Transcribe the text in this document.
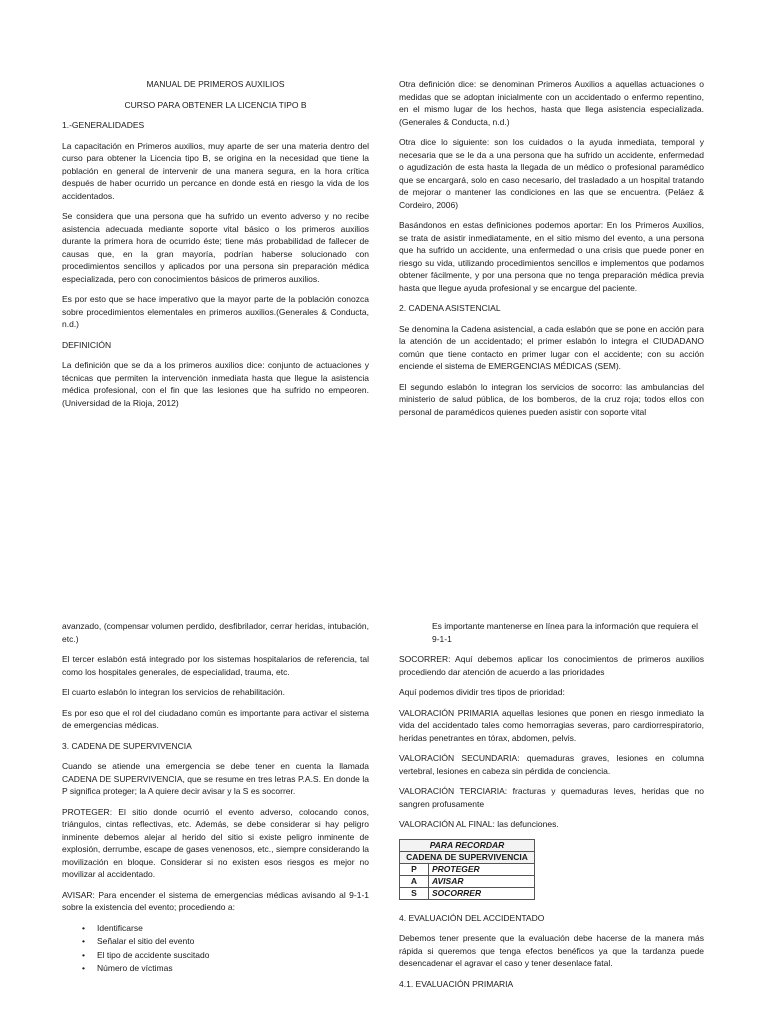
MANUAL DE PRIMEROS AUXILIOS

CURSO PARA OBTENER LA LICENCIA TIPO B

1.-GENERALIDADES

La capacitación en Primeros auxilios, muy aparte de ser una materia dentro del curso para obtener la Licencia tipo B, se origina en la necesidad que tiene la población en general de intervenir de una manera segura, en la hora crítica después de haber ocurrido un percance en donde está en riesgo la vida de los accidentados.

Se considera que una persona que ha sufrido un evento adverso y no recibe asistencia adecuada mediante soporte vital básico o los primeros auxilios durante la primera hora de ocurrido éste; tiene más probabilidad de fallecer de causas que, en la gran mayoría, podrían haberse solucionado con procedimientos sencillos y aplicados por una persona sin preparación médica especializada, pero con conocimientos básicos de primeros auxilios.

Es por esto que se hace imperativo que la mayor parte de la población conozca sobre procedimientos elementales en primeros auxilios.(Generales & Conducta, n.d.)

DEFINICIÓN

La definición que se da a los primeros auxilios dice: conjunto de actuaciones y técnicas que permiten la intervención inmediata hasta que llegue la asistencia médica profesional, con el fin que las lesiones que ha sufrido no empeoren.(Universidad de la Rioja, 2012)

Otra definición dice: se denominan Primeros Auxilios a aquellas actuaciones o medidas que se adoptan inicialmente con un accidentado o enfermo repentino, en el mismo lugar de los hechos, hasta que llega asistencia especializada.(Generales & Conducta, n.d.)

Otra dice lo siguiente: son los cuidados o la ayuda inmediata, temporal y necesaria que se le da a una persona que ha sufrido un accidente, enfermedad o agudización de esta hasta la llegada de un médico o profesional paramédico que se encargará, solo en caso necesario, del trasladado a un hospital tratando de mejorar o mantener las condiciones en las que se encuentra. (Peláez & Cordeiro, 2006)

Basándonos en estas definiciones podemos aportar: En los Primeros Auxilios, se trata de asistir inmediatamente, en el sitio mismo del evento, a una persona que ha sufrido un accidente, una enfermedad o una crisis que puede poner en riesgo su vida, utilizando procedimientos sencillos e implementos que podamos obtener fácilmente, y por una persona que no tenga preparación médica previa hasta que llegue ayuda profesional y se encargue del paciente.

2. CADENA ASISTENCIAL

Se denomina la Cadena asistencial, a cada eslabón que se pone en acción para la atención de un accidentado; el primer eslabón lo integra el CIUDADANO común que tiene contacto en primer lugar con el accidente; con su acción enciende el sistema de EMERGENCIAS MÉDICAS (SEM).

El segundo eslabón lo integran los servicios de socorro: las ambulancias del ministerio de salud pública, de los bomberos, de la cruz roja; todos ellos con personal de paramédicos quienes pueden asistir con soporte vital

avanzado, (compensar volumen perdido, desfibrilador, cerrar heridas, intubación, etc.)

El tercer eslabón está integrado por los sistemas hospitalarios de referencia, tal como los hospitales generales, de especialidad, trauma, etc.

El cuarto eslabón lo integran los servicios de rehabilitación.

Es por eso que el rol del ciudadano común es importante para activar el sistema de emergencias médicas.

3. CADENA DE SUPERVIVENCIA

Cuando se atiende una emergencia se debe tener en cuenta la llamada CADENA DE SUPERVIVENCIA, que se resume en tres letras P.A.S. En donde la P significa proteger; la A quiere decir avisar y la S es socorrer.

PROTEGER: El sitio donde ocurrió el evento adverso, colocando conos, triángulos, cintas reflectivas, etc. Además, se debe considerar si hay peligro inminente debemos alejar al herido del sitio si existe peligro inminente de explosión, derrumbe, escape de gases venenosos, etc., siempre considerando la movilización en bloque. Considerar si no existen esos riesgos es mejor no movilizar al accidentado.

AVISAR: Para encender el sistema de emergencias médicas avisando al 9-1-1 sobre la existencia del evento; procediendo a:

• Identificarse
• Señalar el sitio del evento
• El tipo de accidente suscitado
• Número de víctimas

Es importante mantenerse en línea para la información que requiera el 9-1-1

SOCORRER: Aquí debemos aplicar los conocimientos de primeros auxilios procediendo dar atención de acuerdo a las prioridades

Aquí podemos dividir tres tipos de prioridad:

VALORACIÓN PRIMARIA aquellas lesiones que ponen en riesgo inmediato la vida del accidentado tales como hemorragias severas, paro cardiorrespiratorio, heridas penetrantes en tórax, abdomen, pelvis.

VALORACIÓN SECUNDARIA: quemaduras graves, lesiones en columna vertebral, lesiones en cabeza sin pérdida de conciencia.

VALORACIÓN TERCIARIA: fracturas y quemaduras leves, heridas que no sangren profusamente

VALORACIÓN AL FINAL: las defunciones.

PARA RECORDAR	
CADENA DE SUPERVIVENCIA	
P	PROTEGER
A	AVISAR
S	SOCORRER

4. EVALUACIÓN DEL ACCIDENTADO

Debemos tener presente que la evaluación debe hacerse de la manera más rápida si queremos que tenga efectos benéficos ya que la tardanza puede desencadenar el agravar el caso y tener desenlace fatal.

4.1. EVALUACIÓN PRIMARIA
